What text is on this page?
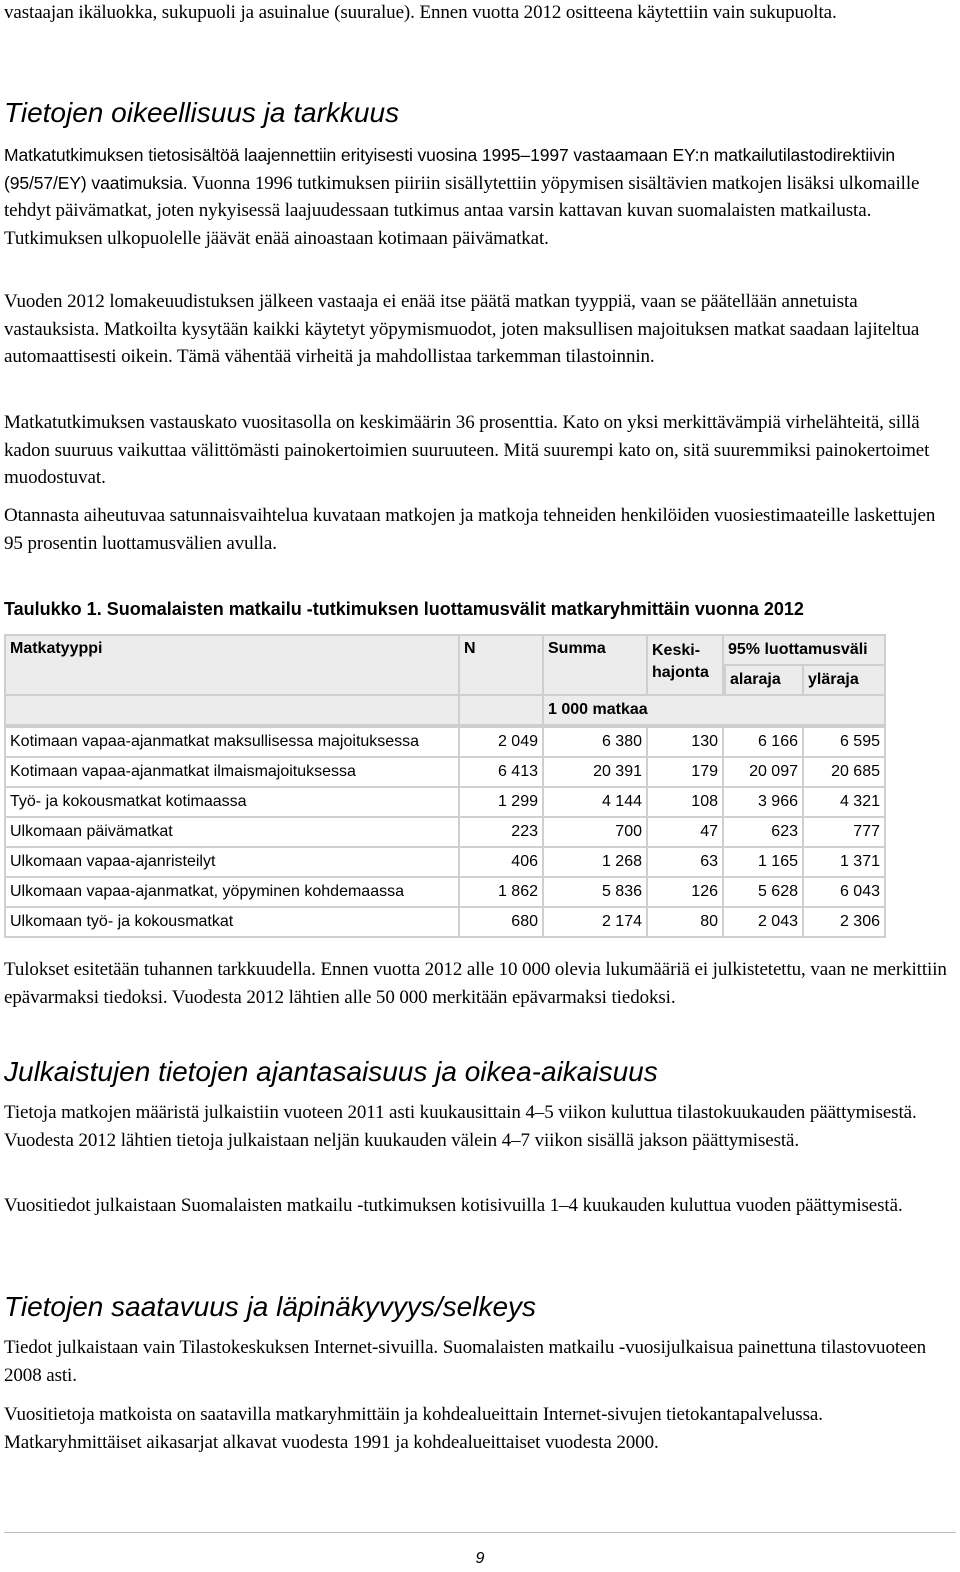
vastaajan ikäluokka, sukupuoli ja asuinalue (suuralue). Ennen vuotta 2012 ositteena käytettiin vain sukupuolta.

Tietojen oikeellisuus ja tarkkuus

Matkatutkimuksen tietosisältöä laajennettiin erityisesti vuosina 1995–1997 vastaamaan EY:n matkailutilastodirektiivin (95/57/EY) vaatimuksia. Vuonna 1996 tutkimuksen piiriin sisällytettiin yöpymisen sisältävien matkojen lisäksi ulkomaille tehdyt päivämatkat, joten nykyisessä laajuudessaan tutkimus antaa varsin kattavan kuvan suomalaisten matkailusta. Tutkimuksen ulkopuolelle jäävät enää ainoastaan kotimaan päivämatkat.

Vuoden 2012 lomakeuudistuksen jälkeen vastaaja ei enää itse päätä matkan tyyppiä, vaan se päätellään annetuista vastauksista. Matkoilta kysytään kaikki käytetyt yöpymismuodot, joten maksullisen majoituksen matkat saadaan lajiteltua automaattisesti oikein. Tämä vähentää virheitä ja mahdollistaa tarkemman tilastoinnin.

Matkatutkimuksen vastauskato vuositasolla on keskimäärin 36 prosenttia. Kato on yksi merkittävämpiä virhelähteitä, sillä kadon suuruus vaikuttaa välittömästi painokertoimien suuruuteen. Mitä suurempi kato on, sitä suuremmiksi painokertoimet muodostuvat.

Otannasta aiheutuvaa satunnaisvaihtelua kuvataan matkojen ja matkoja tehneiden henkilöiden vuosiestimaateille laskettujen 95 prosentin luottamusvälien avulla.

Taulukko 1. Suomalaisten matkailu -tutkimuksen luottamusvälit matkaryhmittäin vuonna 2012

Matkatyyppi	N	Summa	Keski-hajonta	95% luottamusväli	
				alaraja	yläraja
		1 000 matkaa			
Kotimaan vapaa-ajanmatkat maksullisessa majoituksessa	2 049	6 380	130	6 166	6 595
Kotimaan vapaa-ajanmatkat ilmaismajoituksessa	6 413	20 391	179	20 097	20 685
Työ- ja kokousmatkat kotimaassa	1 299	4 144	108	3 966	4 321
Ulkomaan päivämatkat	223	700	47	623	777
Ulkomaan vapaa-ajanristeilyt	406	1 268	63	1 165	1 371
Ulkomaan vapaa-ajanmatkat, yöpyminen kohdemaassa	1 862	5 836	126	5 628	6 043
Ulkomaan työ- ja kokousmatkat	680	2 174	80	2 043	2 306

Tulokset esitetään tuhannen tarkkuudella. Ennen vuotta 2012 alle 10 000 olevia lukumääriä ei julkistetettu, vaan ne merkittiin epävarmaksi tiedoksi. Vuodesta 2012 lähtien alle 50 000 merkitään epävarmaksi tiedoksi.

Julkaistujen tietojen ajantasaisuus ja oikea-aikaisuus

Tietoja matkojen määristä julkaistiin vuoteen 2011 asti kuukausittain 4–5 viikon kuluttua tilastokuukauden päättymisestä. Vuodesta 2012 lähtien tietoja julkaistaan neljän kuukauden välein 4–7 viikon sisällä jakson päättymisestä.

Vuositiedot julkaistaan Suomalaisten matkailu -tutkimuksen kotisivuilla 1–4 kuukauden kuluttua vuoden päättymisestä.

Tietojen saatavuus ja läpinäkyvyys/selkeys

Tiedot julkaistaan vain Tilastokeskuksen Internet-sivuilla. Suomalaisten matkailu -vuosijulkaisua painettuna tilastovuoteen 2008 asti.

Vuositietoja matkoista on saatavilla matkaryhmittäin ja kohdealueittain Internet-sivujen tietokantapalvelussa. Matkaryhmittäiset aikasarjat alkavat vuodesta 1991 ja kohdealueittaiset vuodesta 2000.

9
